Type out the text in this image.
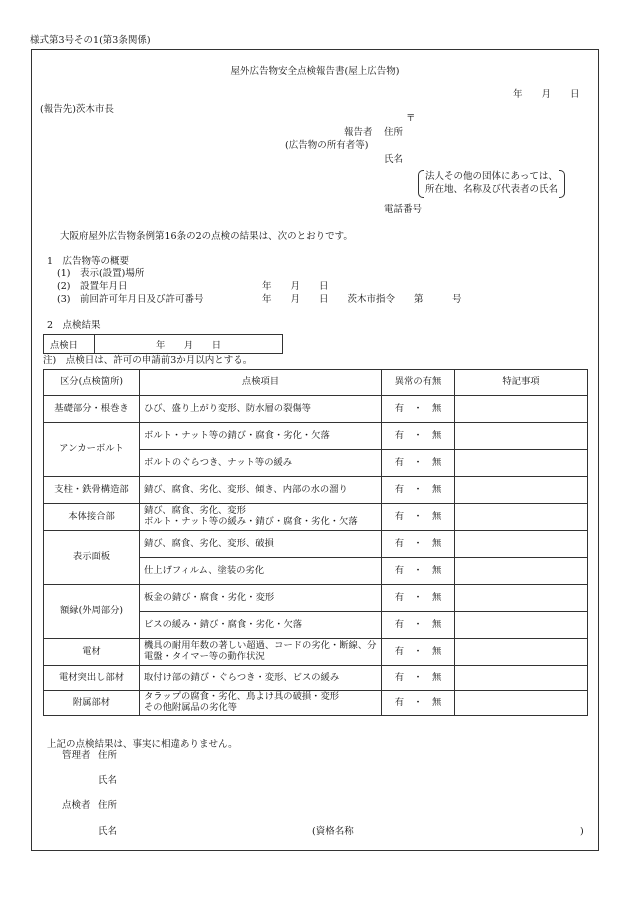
様式第3号その1(第3条関係)
屋外広告物安全点検報告書(屋上広告物)
年　　月　　日
(報告先)茨木市長
〒
報告者 住所
(広告物の所有者等)
氏名
法人その他の団体にあっては、
所在地、名称及び代表者の氏名
電話番号
大阪府屋外広告物条例第16条の2の点検の結果は、次のとおりです。
1　広告物等の概要
(1)　表示(設置)場所
(2)　設置年月日	年　　月　　日
(3)　前回許可年月日及び許可番号	年　　月　　日　　茨木市指令　　第　　　号
2　点検結果
点検日	年　　月　　日
注)　点検日は、許可の申請前3か月以内とする。
区分(点検箇所)	点検項目	異常の有無	特記事項
基礎部分・根巻き	ひび、盛り上がり変形、防水層の裂傷等	有　・　無	
アンカーボルト	ボルト・ナット等の錆び・腐食・劣化・欠落	有　・　無	
	ボルトのぐらつき、ナット等の緩み	有　・　無	
支柱・鉄骨構造部	錆び、腐食、劣化、変形、傾き、内部の水の溜り	有　・　無	
本体接合部	錆び、腐食、劣化、変形
ボルト・ナット等の緩み・錆び・腐食・劣化・欠落	有　・　無	
表示面板	錆び、腐食、劣化、変形、破損	有　・　無	
	仕上げフィルム、塗装の劣化	有　・　無	
額縁(外周部分)	板金の錆び・腐食・劣化・変形	有　・　無	
	ビスの緩み・錆び・腐食・劣化・欠落	有　・　無	
電材	機具の耐用年数の著しい超過、コードの劣化・断線、分電盤・タイマー等の動作状況	有　・　無	
電材突出し部材	取付け部の錆び・ぐらつき・変形、ビスの緩み	有　・　無	
附属部材	タラップの腐食・劣化、鳥よけ具の破損・変形
その他附属品の劣化等	有　・　無	
上記の点検結果は、事実に相違ありません。
管理者 住所
氏名
点検者 住所
氏名	(資格名称	)
